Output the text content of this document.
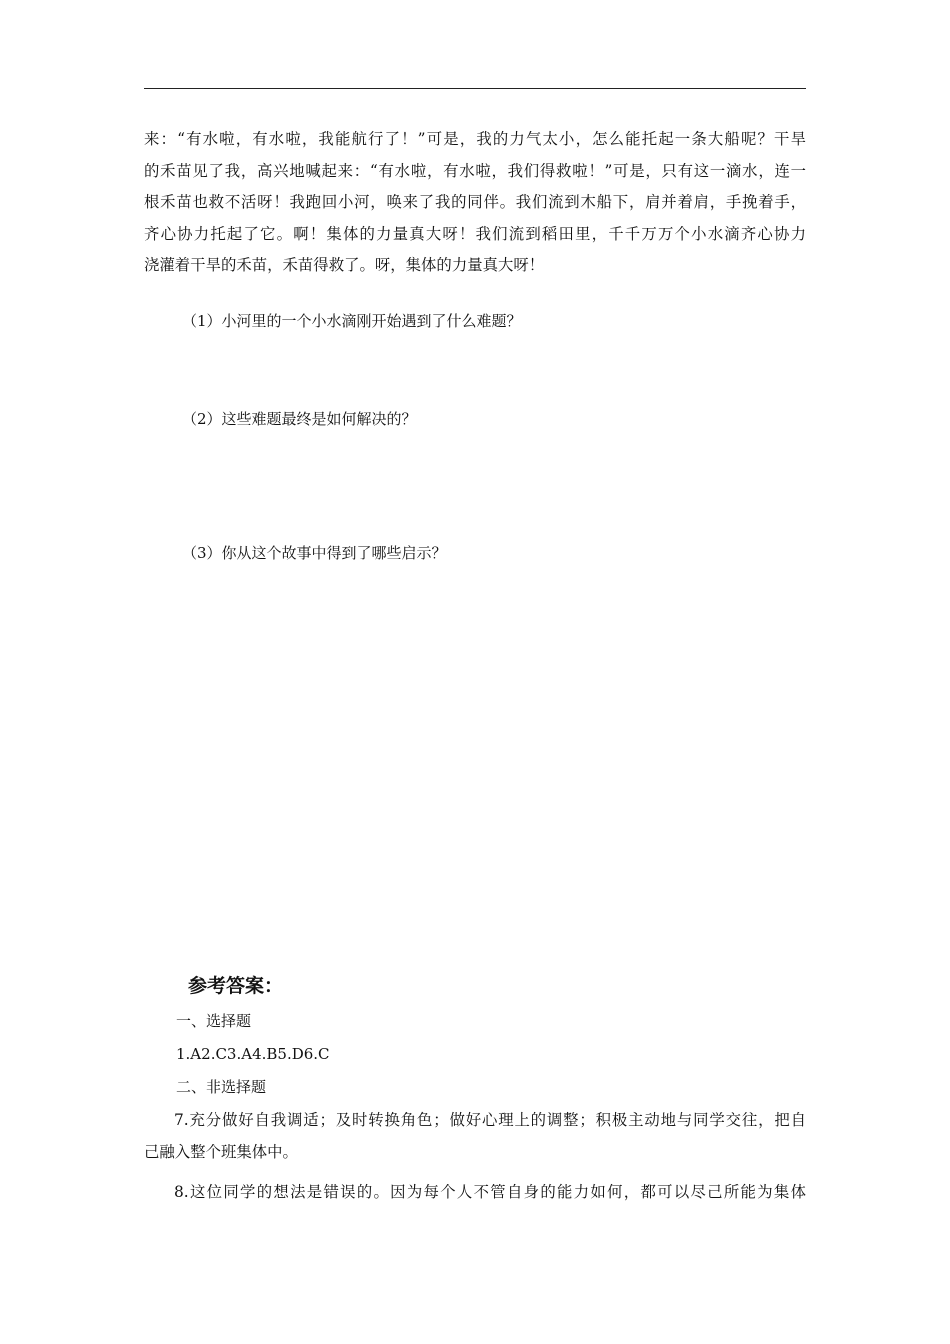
来：“有水啦，有水啦，我能航行了！”可是，我的力气太小，怎么能托起一条大船呢？干旱
的禾苗见了我，高兴地喊起来：“有水啦，有水啦，我们得救啦！”可是，只有这一滴水，连一
根禾苗也救不活呀！我跑回小河，唤来了我的同伴。我们流到木船下，肩并着肩，手挽着手，
齐心协力托起了它。啊！集体的力量真大呀！我们流到稻田里，千千万万个小水滴齐心协力
浇灌着干旱的禾苗，禾苗得救了。呀，集体的力量真大呀！
（1）小河里的一个小水滴刚开始遇到了什么难题？
（2）这些难题最终是如何解决的？
（3）你从这个故事中得到了哪些启示？
参考答案：
一、选择题
1.A2.C3.A4.B5.D6.C
二、非选择题
7.充分做好自我调适；及时转换角色；做好心理上的调整；积极主动地与同学交往，把自
己融入整个班集体中。
8.这位同学的想法是错误的。因为每个人不管自身的能力如何，都可以尽己所能为集体
